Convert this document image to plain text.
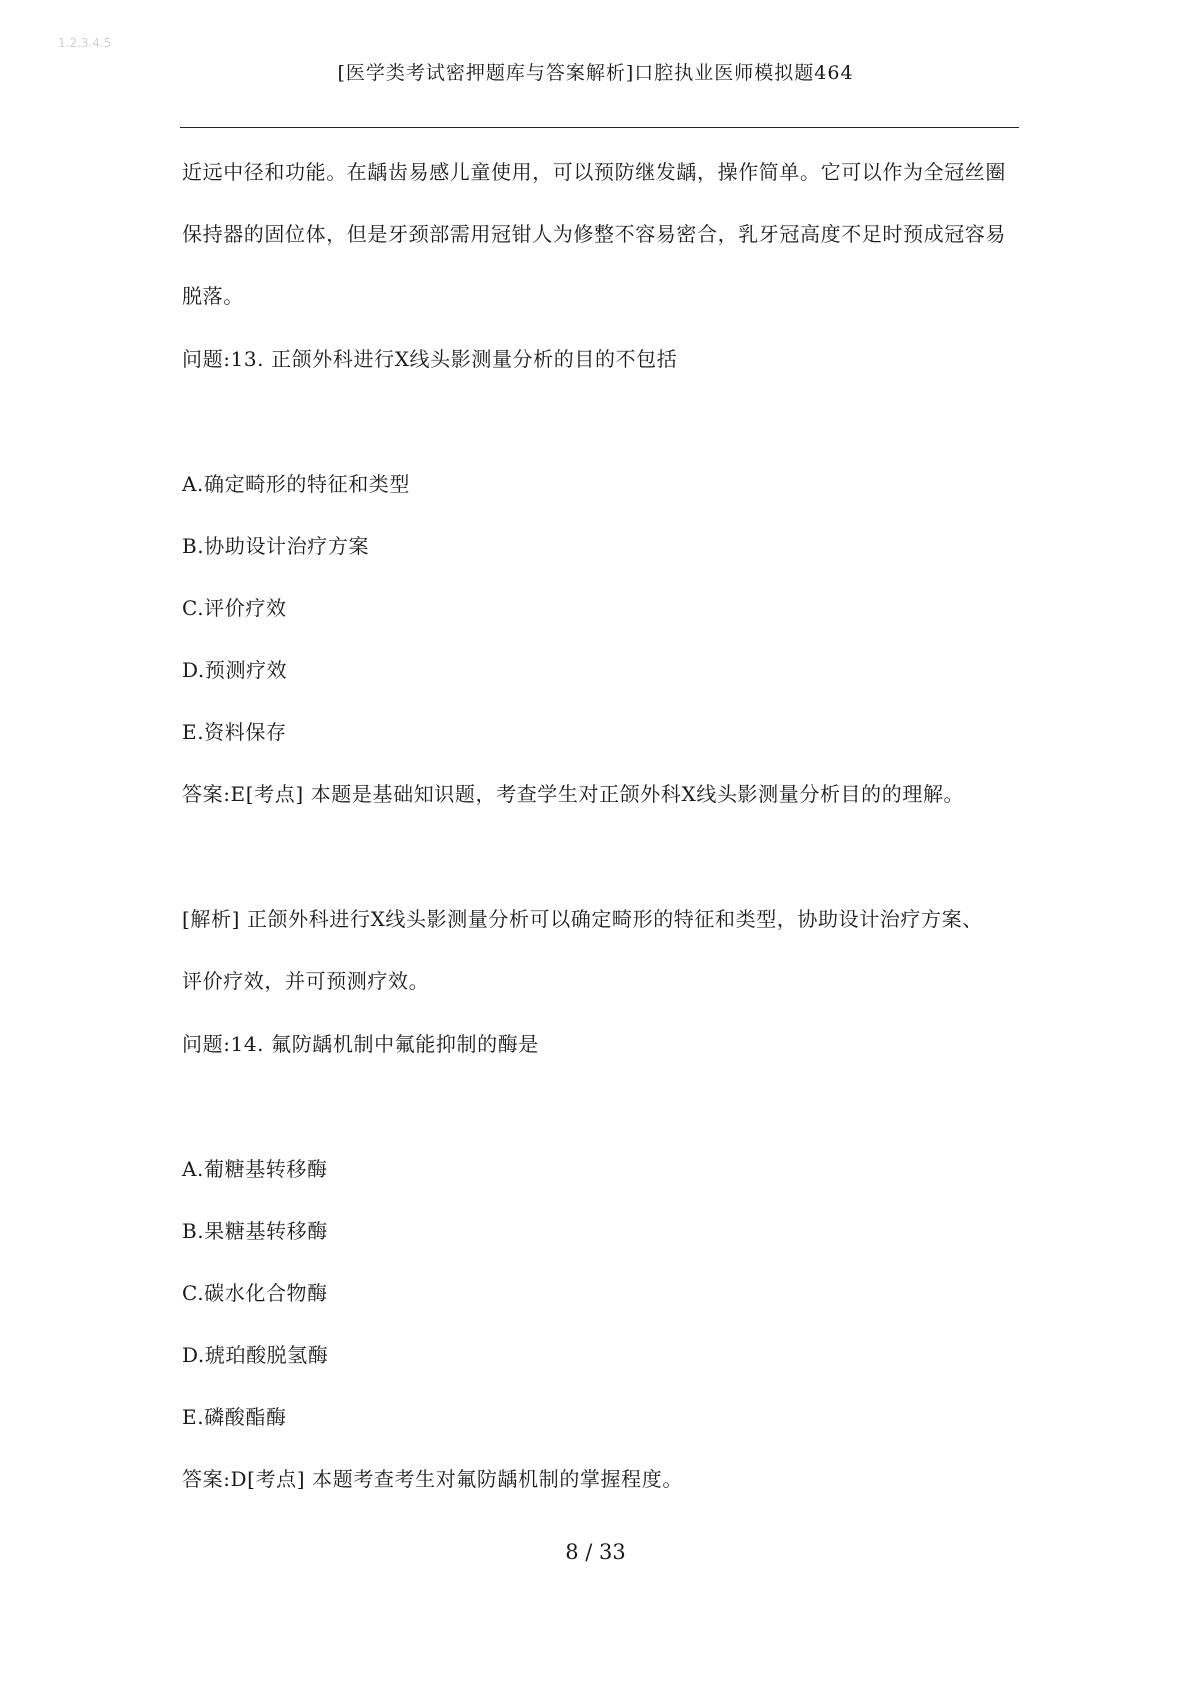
1.2.3.4.5
[医学类考试密押题库与答案解析]口腔执业医师模拟题464
近远中径和功能。在龋齿易感儿童使用，可以预防继发龋，操作简单。它可以作为全冠丝圈
保持器的固位体，但是牙颈部需用冠钳人为修整不容易密合，乳牙冠高度不足时预成冠容易
脱落。
问题:13. 正颌外科进行X线头影测量分析的目的不包括
A.确定畸形的特征和类型
B.协助设计治疗方案
C.评价疗效
D.预测疗效
E.资料保存
答案:E[考点] 本题是基础知识题，考查学生对正颌外科X线头影测量分析目的的理解。
[解析] 正颌外科进行X线头影测量分析可以确定畸形的特征和类型，协助设计治疗方案、
评价疗效，并可预测疗效。
问题:14. 氟防龋机制中氟能抑制的酶是
A.葡糖基转移酶
B.果糖基转移酶
C.碳水化合物酶
D.琥珀酸脱氢酶
E.磷酸酯酶
答案:D[考点] 本题考查考生对氟防龋机制的掌握程度。
8 / 33
